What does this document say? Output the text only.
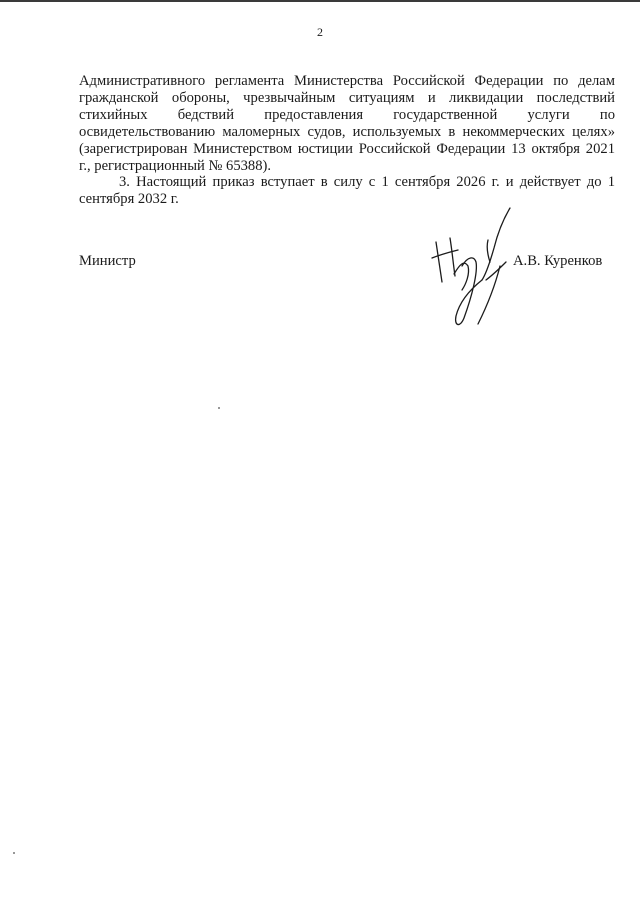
2

Административного регламента Министерства Российской Федерации по делам гражданской обороны, чрезвычайным ситуациям и ликвидации последствий стихийных бедствий предоставления государственной услуги по освидетельствованию маломерных судов, используемых в некоммерческих целях» (зарегистрирован Министерством юстиции Российской Федерации 13 октября 2021 г., регистрационный № 65388).

3. Настоящий приказ вступает в силу с 1 сентября 2026 г. и действует до 1 сентября 2032 г.

Министр	А.В. Куренков
